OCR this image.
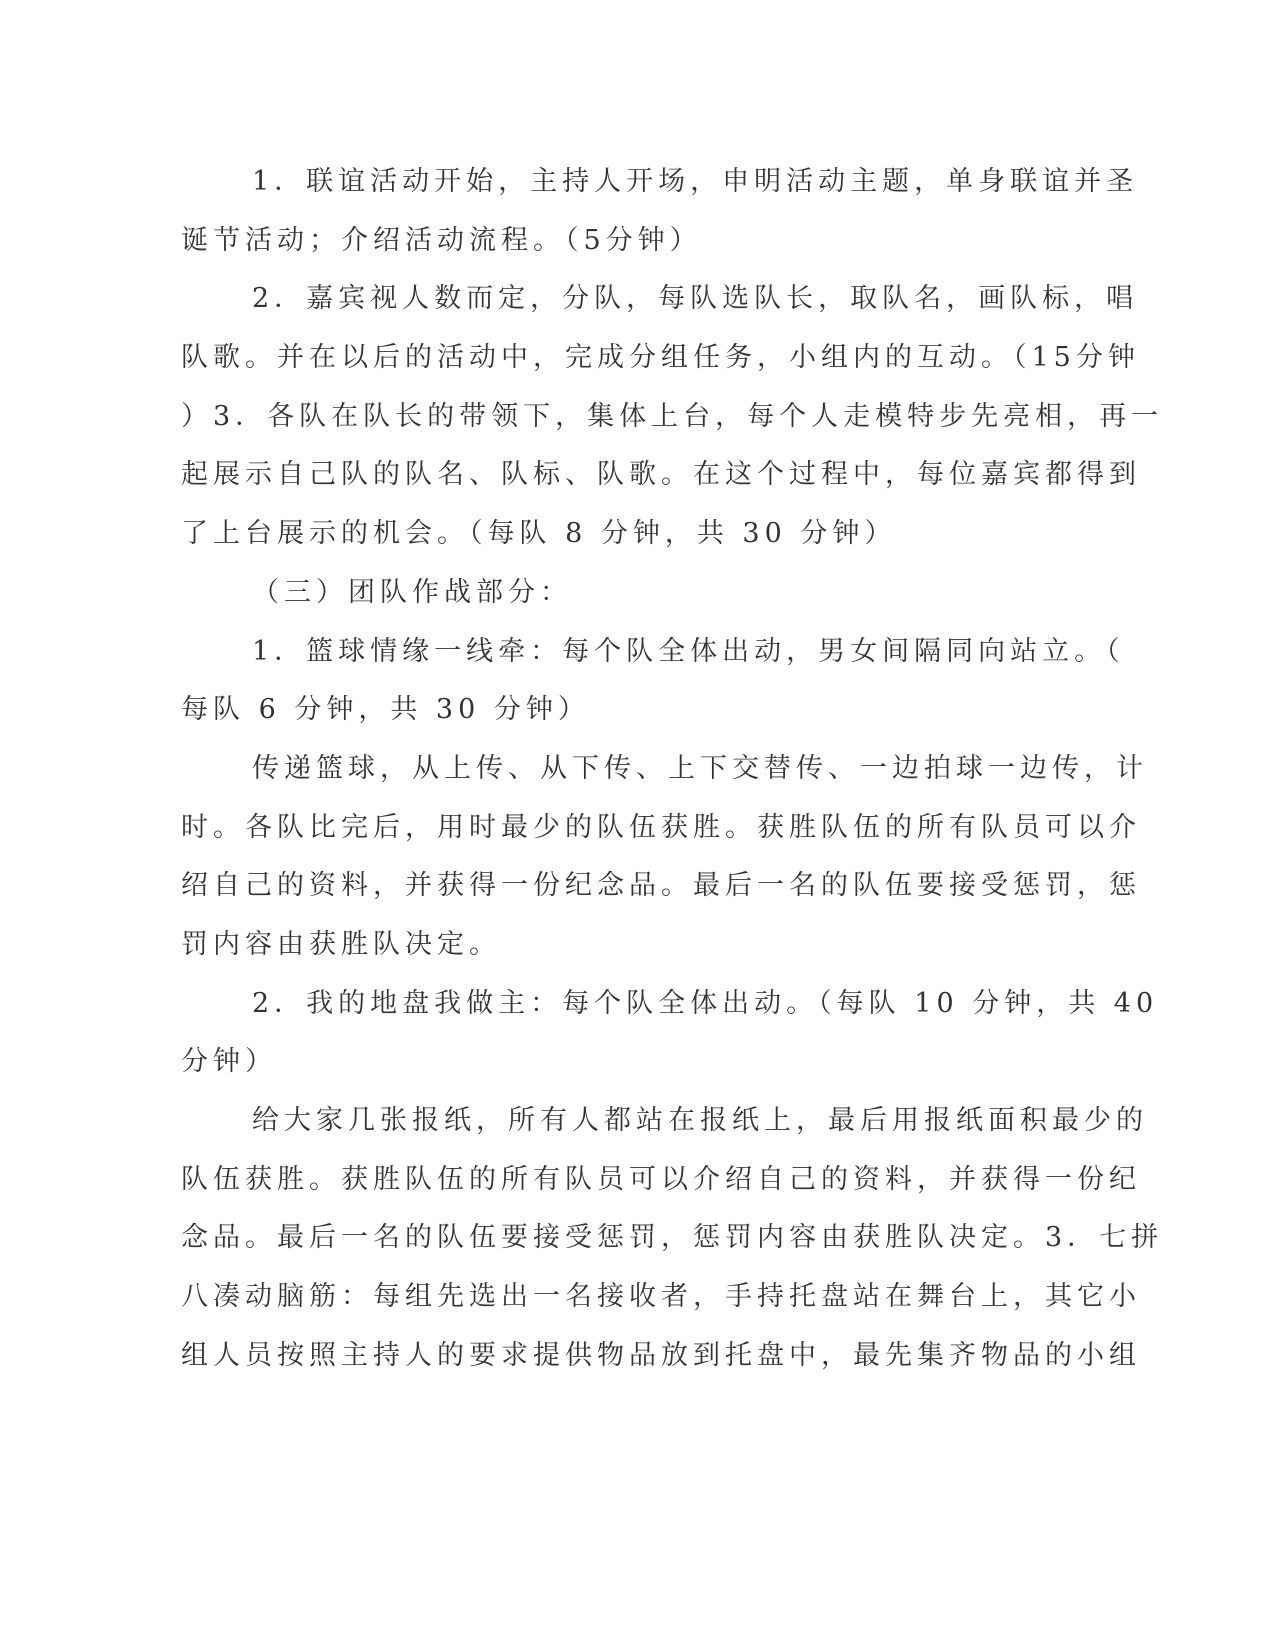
1．联谊活动开始，主持人开场，申明活动主题，单身联谊并圣

诞节活动；介绍活动流程。（5分钟）

2．嘉宾视人数而定，分队，每队选队长，取队名，画队标，唱

队歌。并在以后的活动中，完成分组任务，小组内的互动。（15分钟

）3．各队在队长的带领下，集体上台，每个人走模特步先亮相，再一

起展示自己队的队名、队标、队歌。在这个过程中，每位嘉宾都得到

了上台展示的机会。（每队 8 分钟，共 30 分钟）

（三）团队作战部分：

1．篮球情缘一线牵：每个队全体出动，男女间隔同向站立。（

每队 6 分钟，共 30 分钟）

传递篮球，从上传、从下传、上下交替传、一边拍球一边传，计

时。各队比完后，用时最少的队伍获胜。获胜队伍的所有队员可以介

绍自己的资料，并获得一份纪念品。最后一名的队伍要接受惩罚，惩

罚内容由获胜队决定。

2．我的地盘我做主：每个队全体出动。（每队 10 分钟，共 40

分钟）

给大家几张报纸，所有人都站在报纸上，最后用报纸面积最少的

队伍获胜。获胜队伍的所有队员可以介绍自己的资料，并获得一份纪

念品。最后一名的队伍要接受惩罚，惩罚内容由获胜队决定。3．七拼

八凑动脑筋：每组先选出一名接收者，手持托盘站在舞台上，其它小

组人员按照主持人的要求提供物品放到托盘中，最先集齐物品的小组
